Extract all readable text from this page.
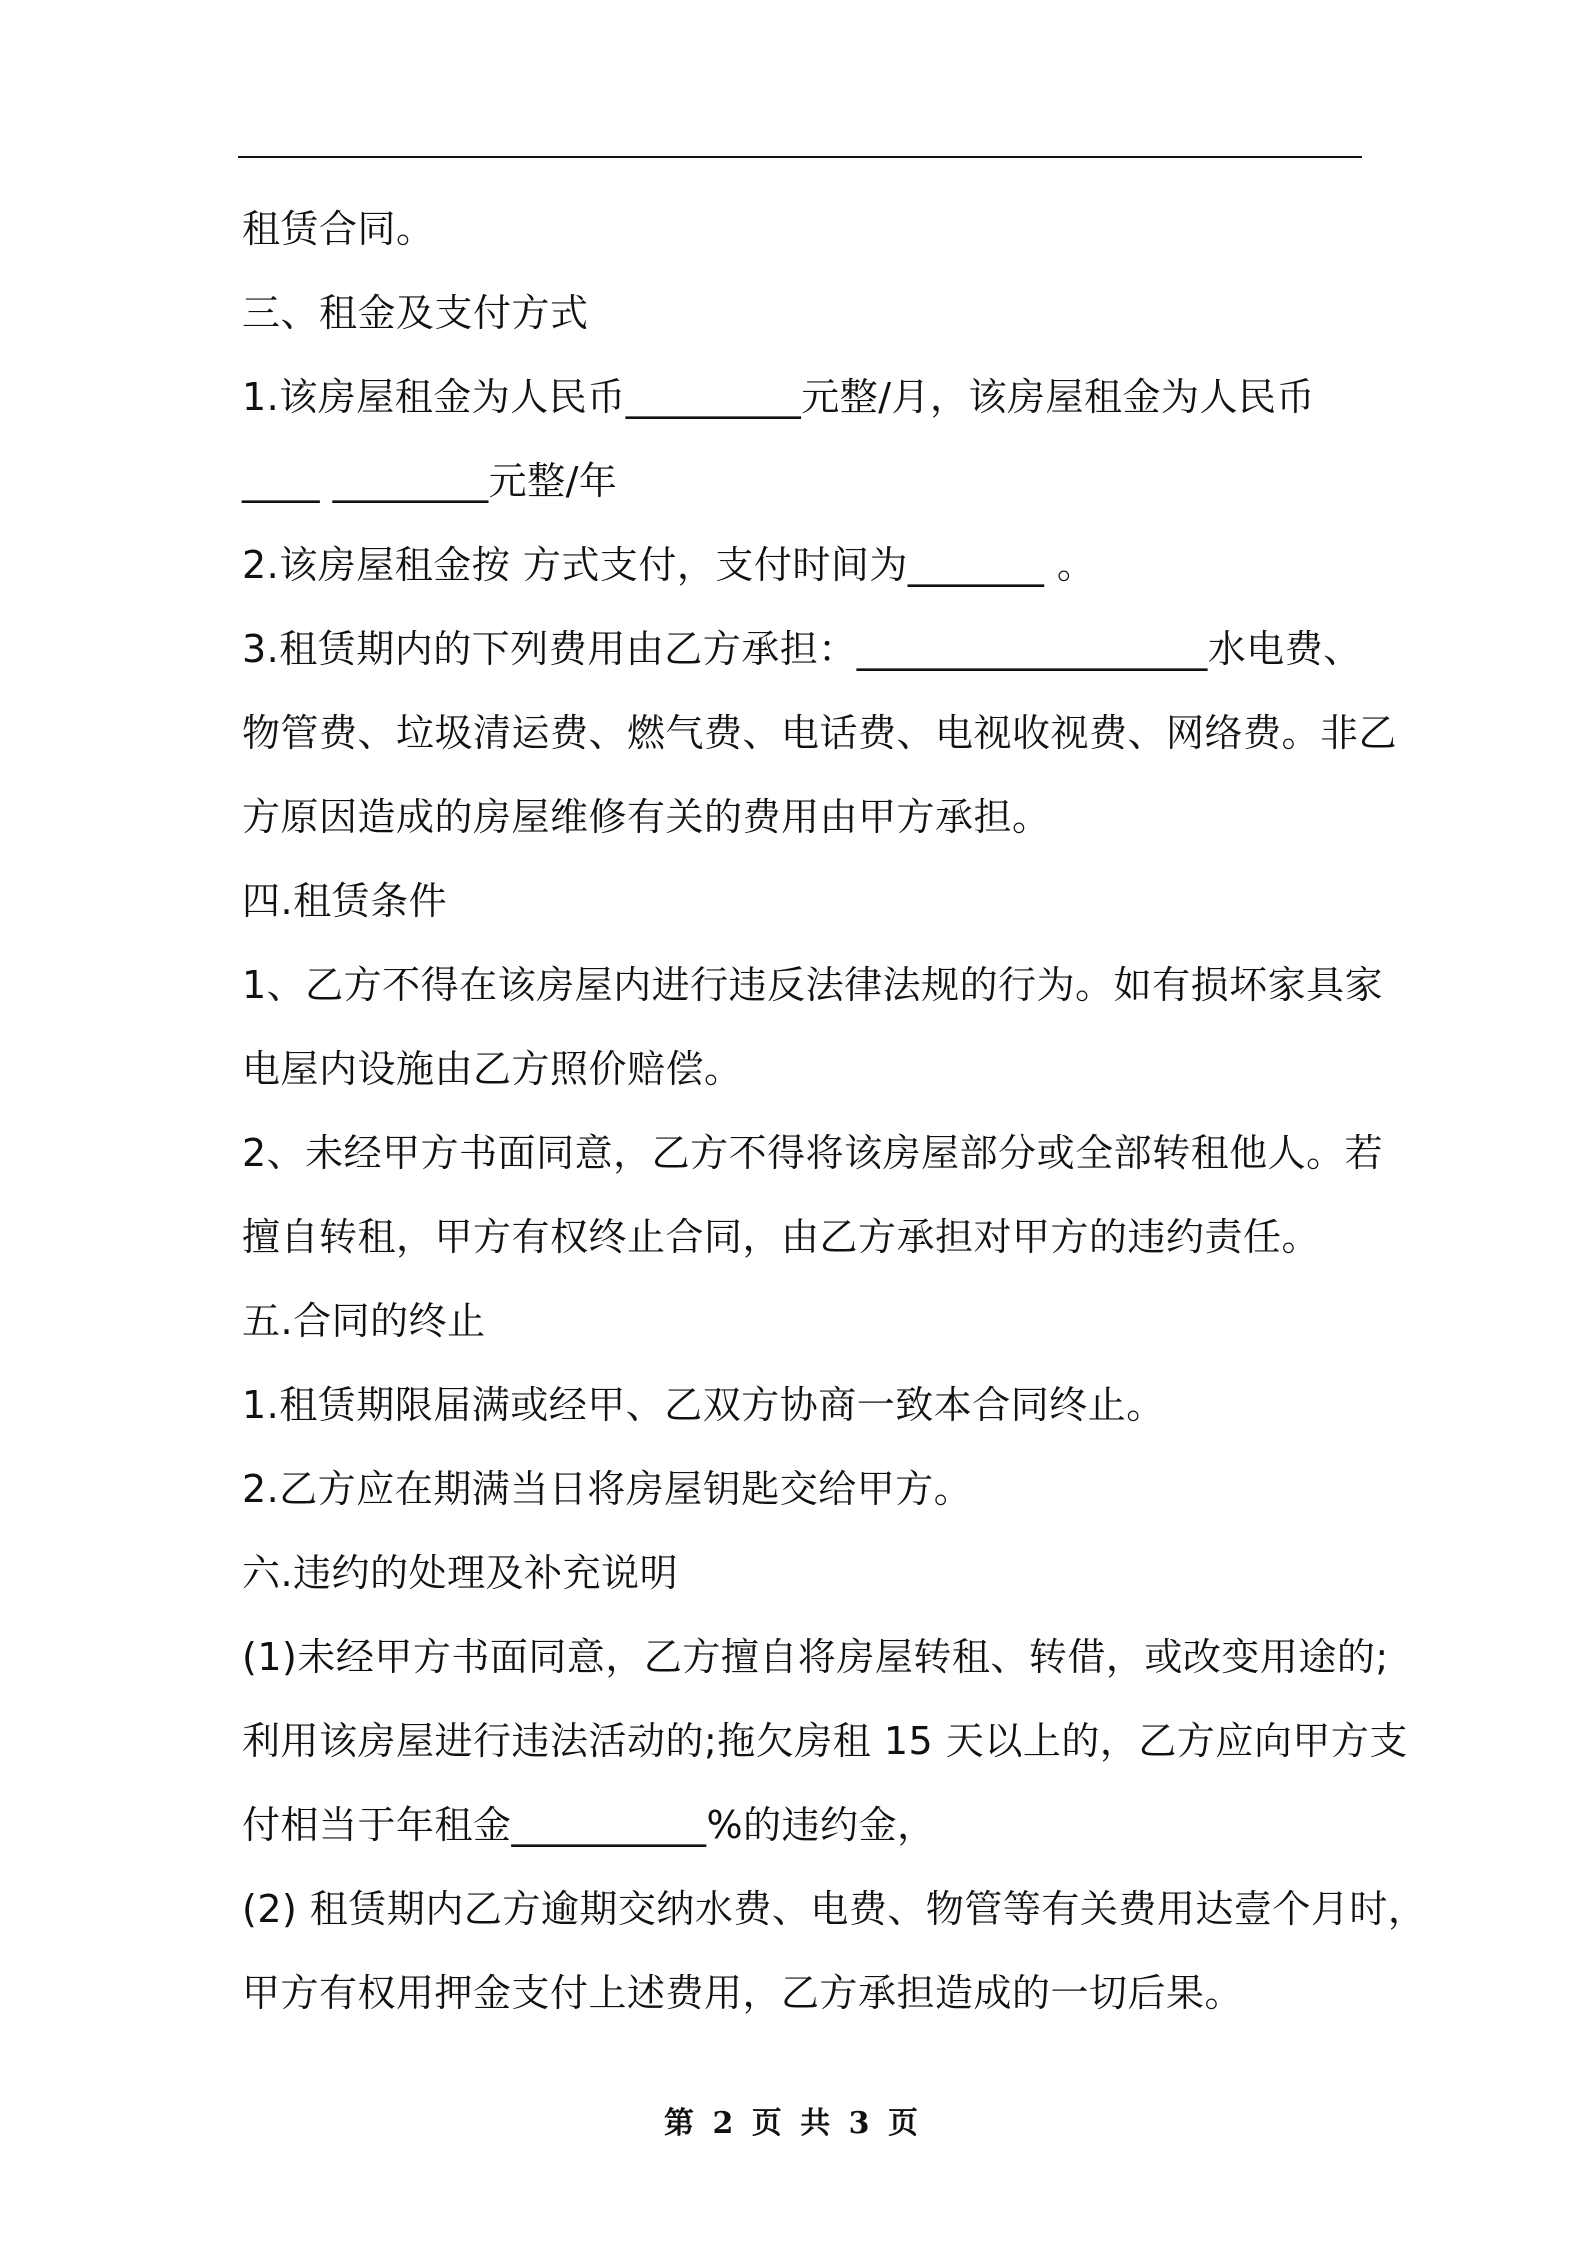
租赁合同。
三、租金及支付方式
1.该房屋租金为人民币_________元整/月，该房屋租金为人民币
____ ________元整/年
2.该房屋租金按 方式支付，支付时间为_______ 。
3.租赁期内的下列费用由乙方承担：__________________水电费、
物管费、垃圾清运费、燃气费、电话费、电视收视费、网络费。非乙
方原因造成的房屋维修有关的费用由甲方承担。
四.租赁条件
1、乙方不得在该房屋内进行违反法律法规的行为。如有损坏家具家
电屋内设施由乙方照价赔偿。
2、未经甲方书面同意，乙方不得将该房屋部分或全部转租他人。若
擅自转租，甲方有权终止合同，由乙方承担对甲方的违约责任。
五.合同的终止
1.租赁期限届满或经甲、乙双方协商一致本合同终止。
2.乙方应在期满当日将房屋钥匙交给甲方。
六.违约的处理及补充说明
(1)未经甲方书面同意，乙方擅自将房屋转租、转借，或改变用途的;
利用该房屋进行违法活动的;拖欠房租 15 天以上的，乙方应向甲方支
付相当于年租金__________%的违约金，
(2) 租赁期内乙方逾期交纳水费、电费、物管等有关费用达壹个月时，
甲方有权用押金支付上述费用，乙方承担造成的一切后果。
第 2 页 共 3 页
